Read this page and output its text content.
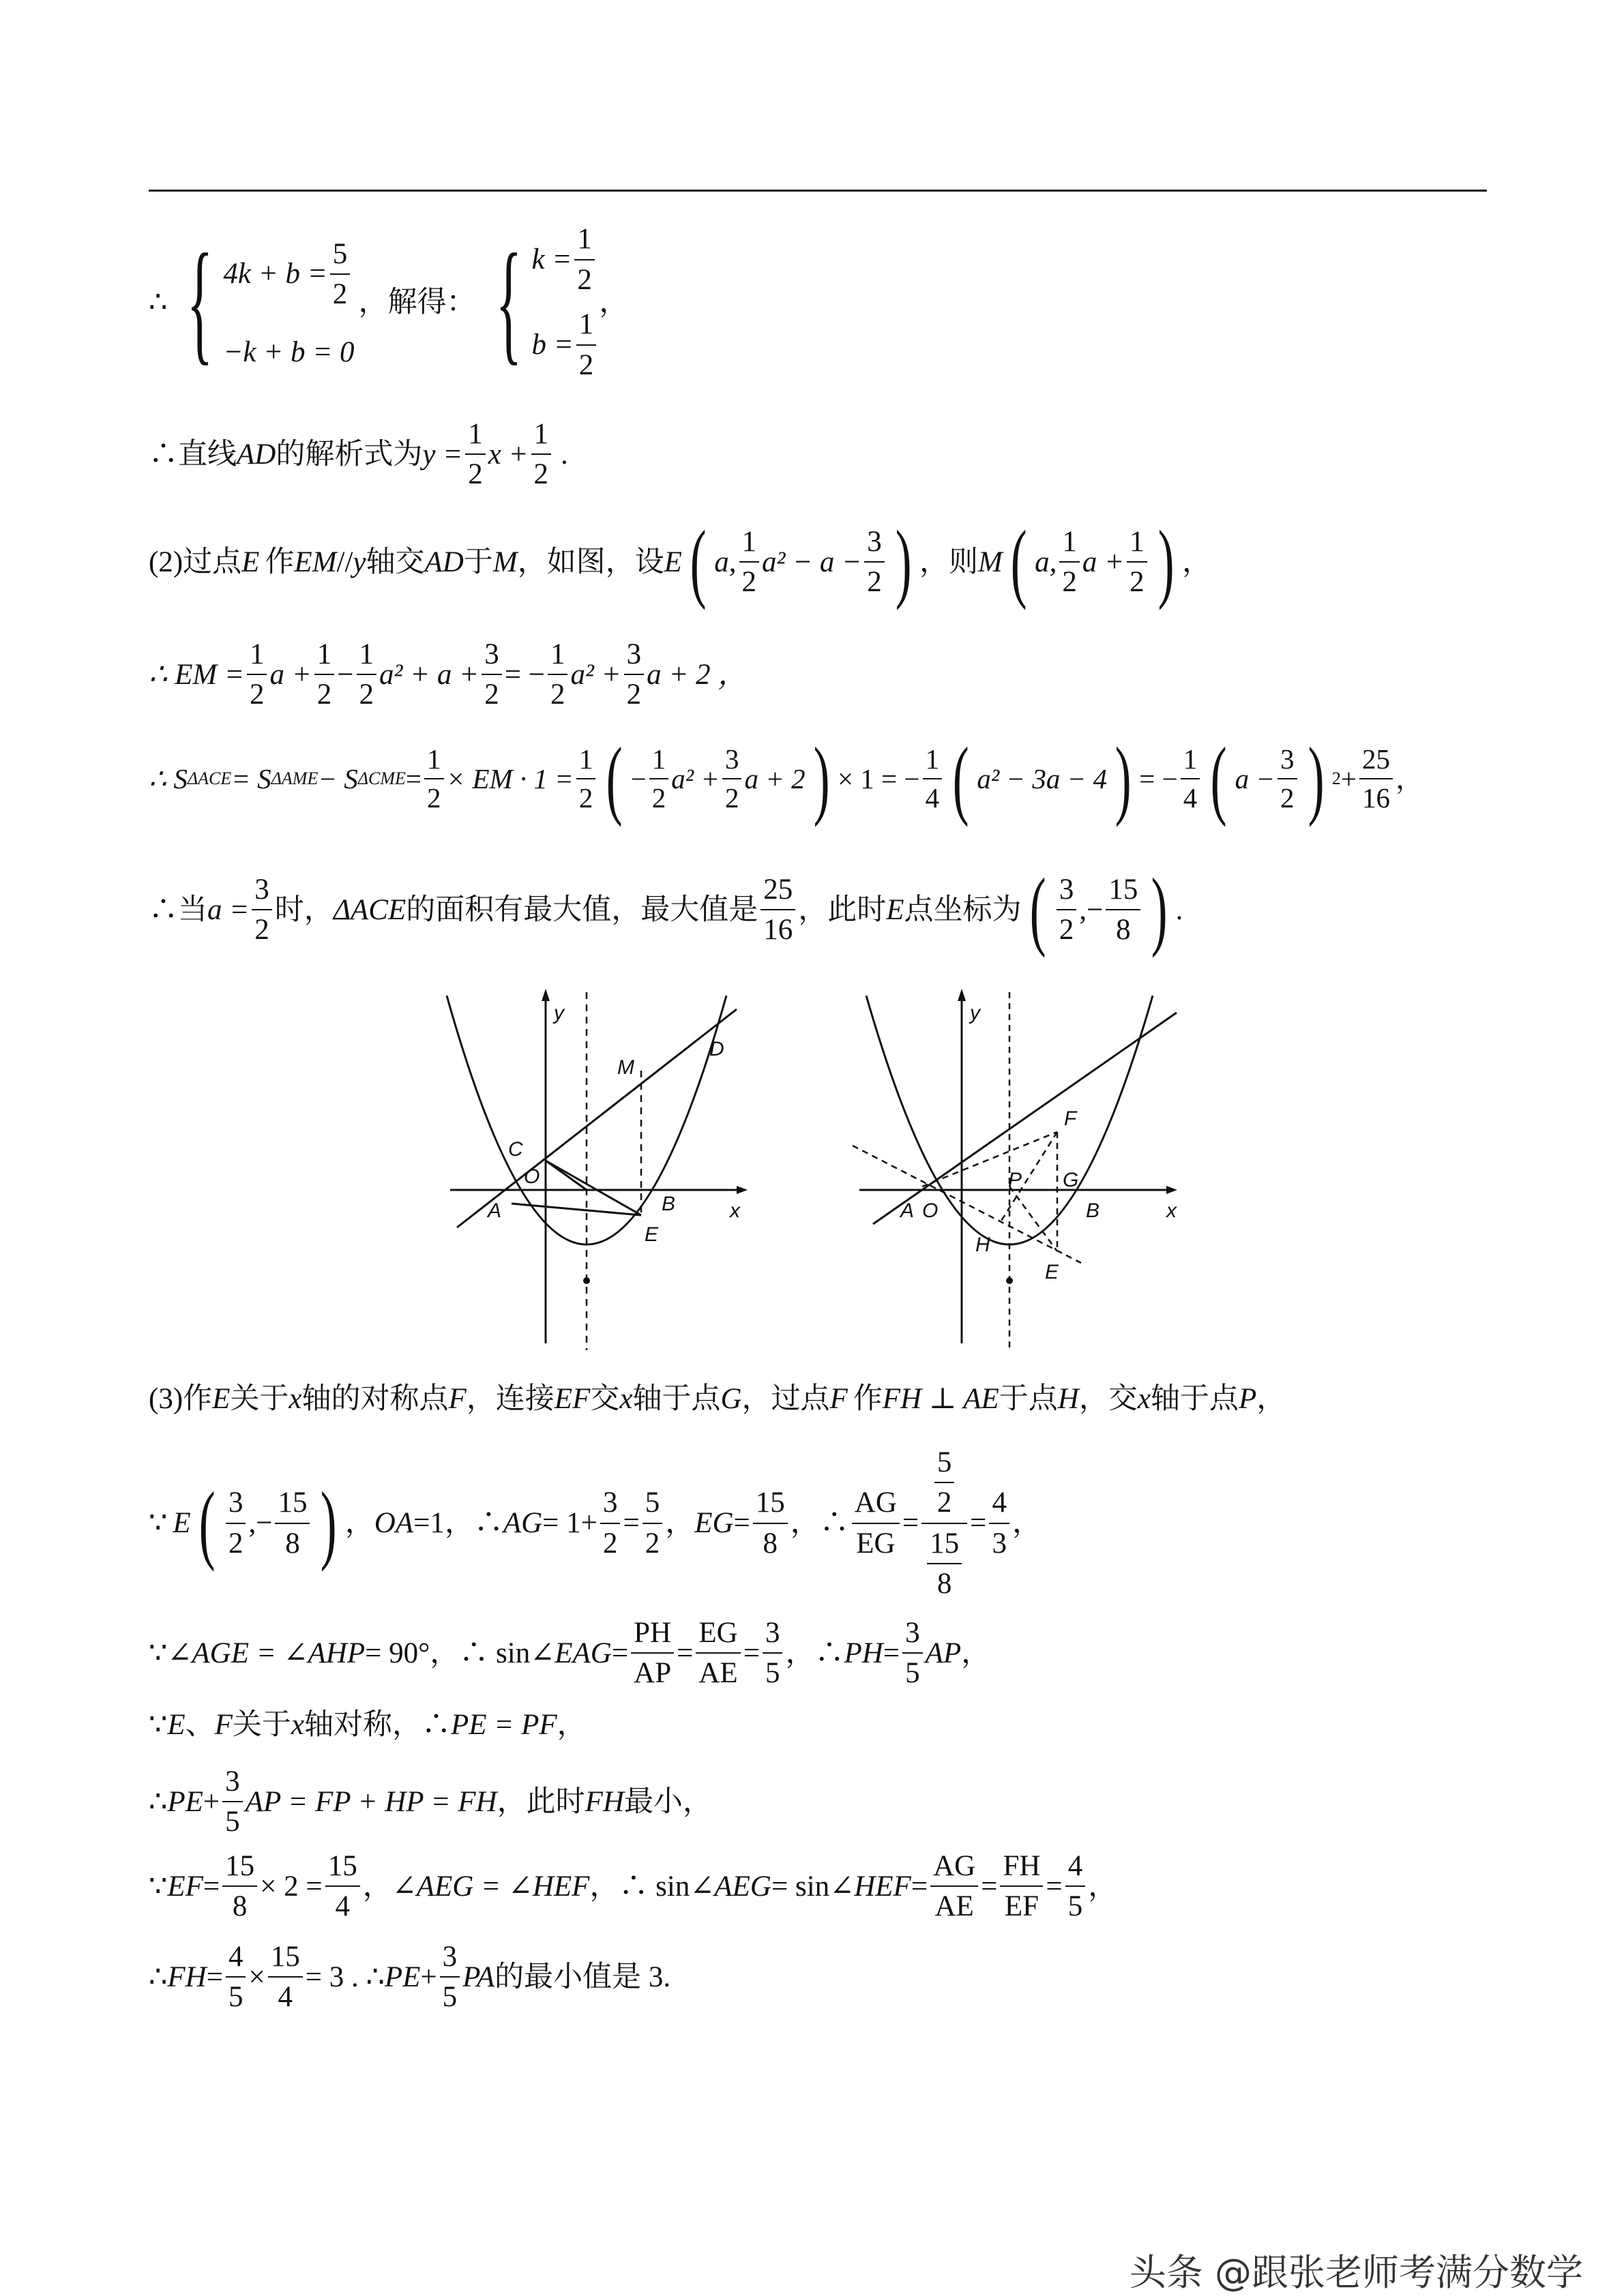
∴ { $4k + b = \frac{5}{2}$
−k + b = 0
，解得： { $k = \frac{1}{2}$
$b = \frac{1}{2}$
，
∴直线 AD 的解析式为 $y = \frac{1}{2}$ $x + \frac{1}{2}$ .
(2)过点 E 作 EM // y 轴交 AD 于 M ，如图，设 E ( a, $\frac{1}{2} a^2 - a - \frac{3}{2}$ ) ，则 M ( a, $\frac{1}{2}$ $a + \frac{1}{2}$ ) ，
∴ EM = $\frac{1}{2}$ $a + \frac{1}{2} - \frac{1}{2} a^2 + a + \frac{3}{2}$ = − $\frac{1}{2} a^2 + \frac{3}{2}$ a + 2 ，
∴ S ΔACE = S ΔAME − S $\Delta CME = \frac{1}{2}$ × EM · $1 = \frac{1}{2}$ ( − $\frac{1}{2} a^2 + \frac{3}{2}$ a + 2 ) × 1 = − $\frac{1}{4}$ ( a² − 3a − 4 ) = − $\frac{1}{4}$ ( $a - \frac{3}{2}$ ) $2 + \frac{25}{16}$ ，
∴当 $a = \frac{3}{2}$ 时， ΔACE 的面积有最大值，最大值是 $\frac{25}{16}$ ，此时 E 点坐标为 ( $\frac{3}{2}$ ,− $\frac{15}{8}$ ) .
y
x
M
D
C
O
A	B
E
y
x
F
P G
A O	B
H
E
(3)作 E 关于 x 轴的对称点 F ，连接 EF 交 x 轴于点 G ，过点 F 作 FH ⊥ AE 于点 H ，交 x 轴于点 P ，
∵ E ( $\frac{3}{2}$ ,− $\frac{15}{8}$ ) ， OA =1，∴ AG = $1+ \frac{3}{2} = \frac{5}{2}$ ， EG = $\frac{15}{8}$ ，∴ $\frac{AG}{EG} = \frac{\frac{5}{2}}{\frac{15}{8}} = \frac{4}{3}$ ，
∵ ∠AGE = ∠AHP = 90°，∴ sin ∠EAG = $\frac{PH}{AP} = \frac{EG}{AE} = \frac{3}{5}$ ，∴ PH = $\frac{3}{5}$ AP ，
∵ E 、 F 关于 x 轴对称，∴ PE = PF ，
∴ PE + $\frac{3}{5}$ AP = FP + HP = FH ，此时 FH 最小，
∵ EF = $\frac{15}{8} \times 2 = \frac{15}{4}$ ， ∠AEG = ∠HEF ，∴ sin ∠AEG = sin ∠HEF = $\frac{AG}{AE} = \frac{FH}{EF} = \frac{4}{5}$ ，
∴ FH = $\frac{4}{5} \times \frac{15}{4} = 3$ . ∴ PE + $\frac{3}{5}$ PA 的最小值是 3.
头条 @跟张老师考满分数学
